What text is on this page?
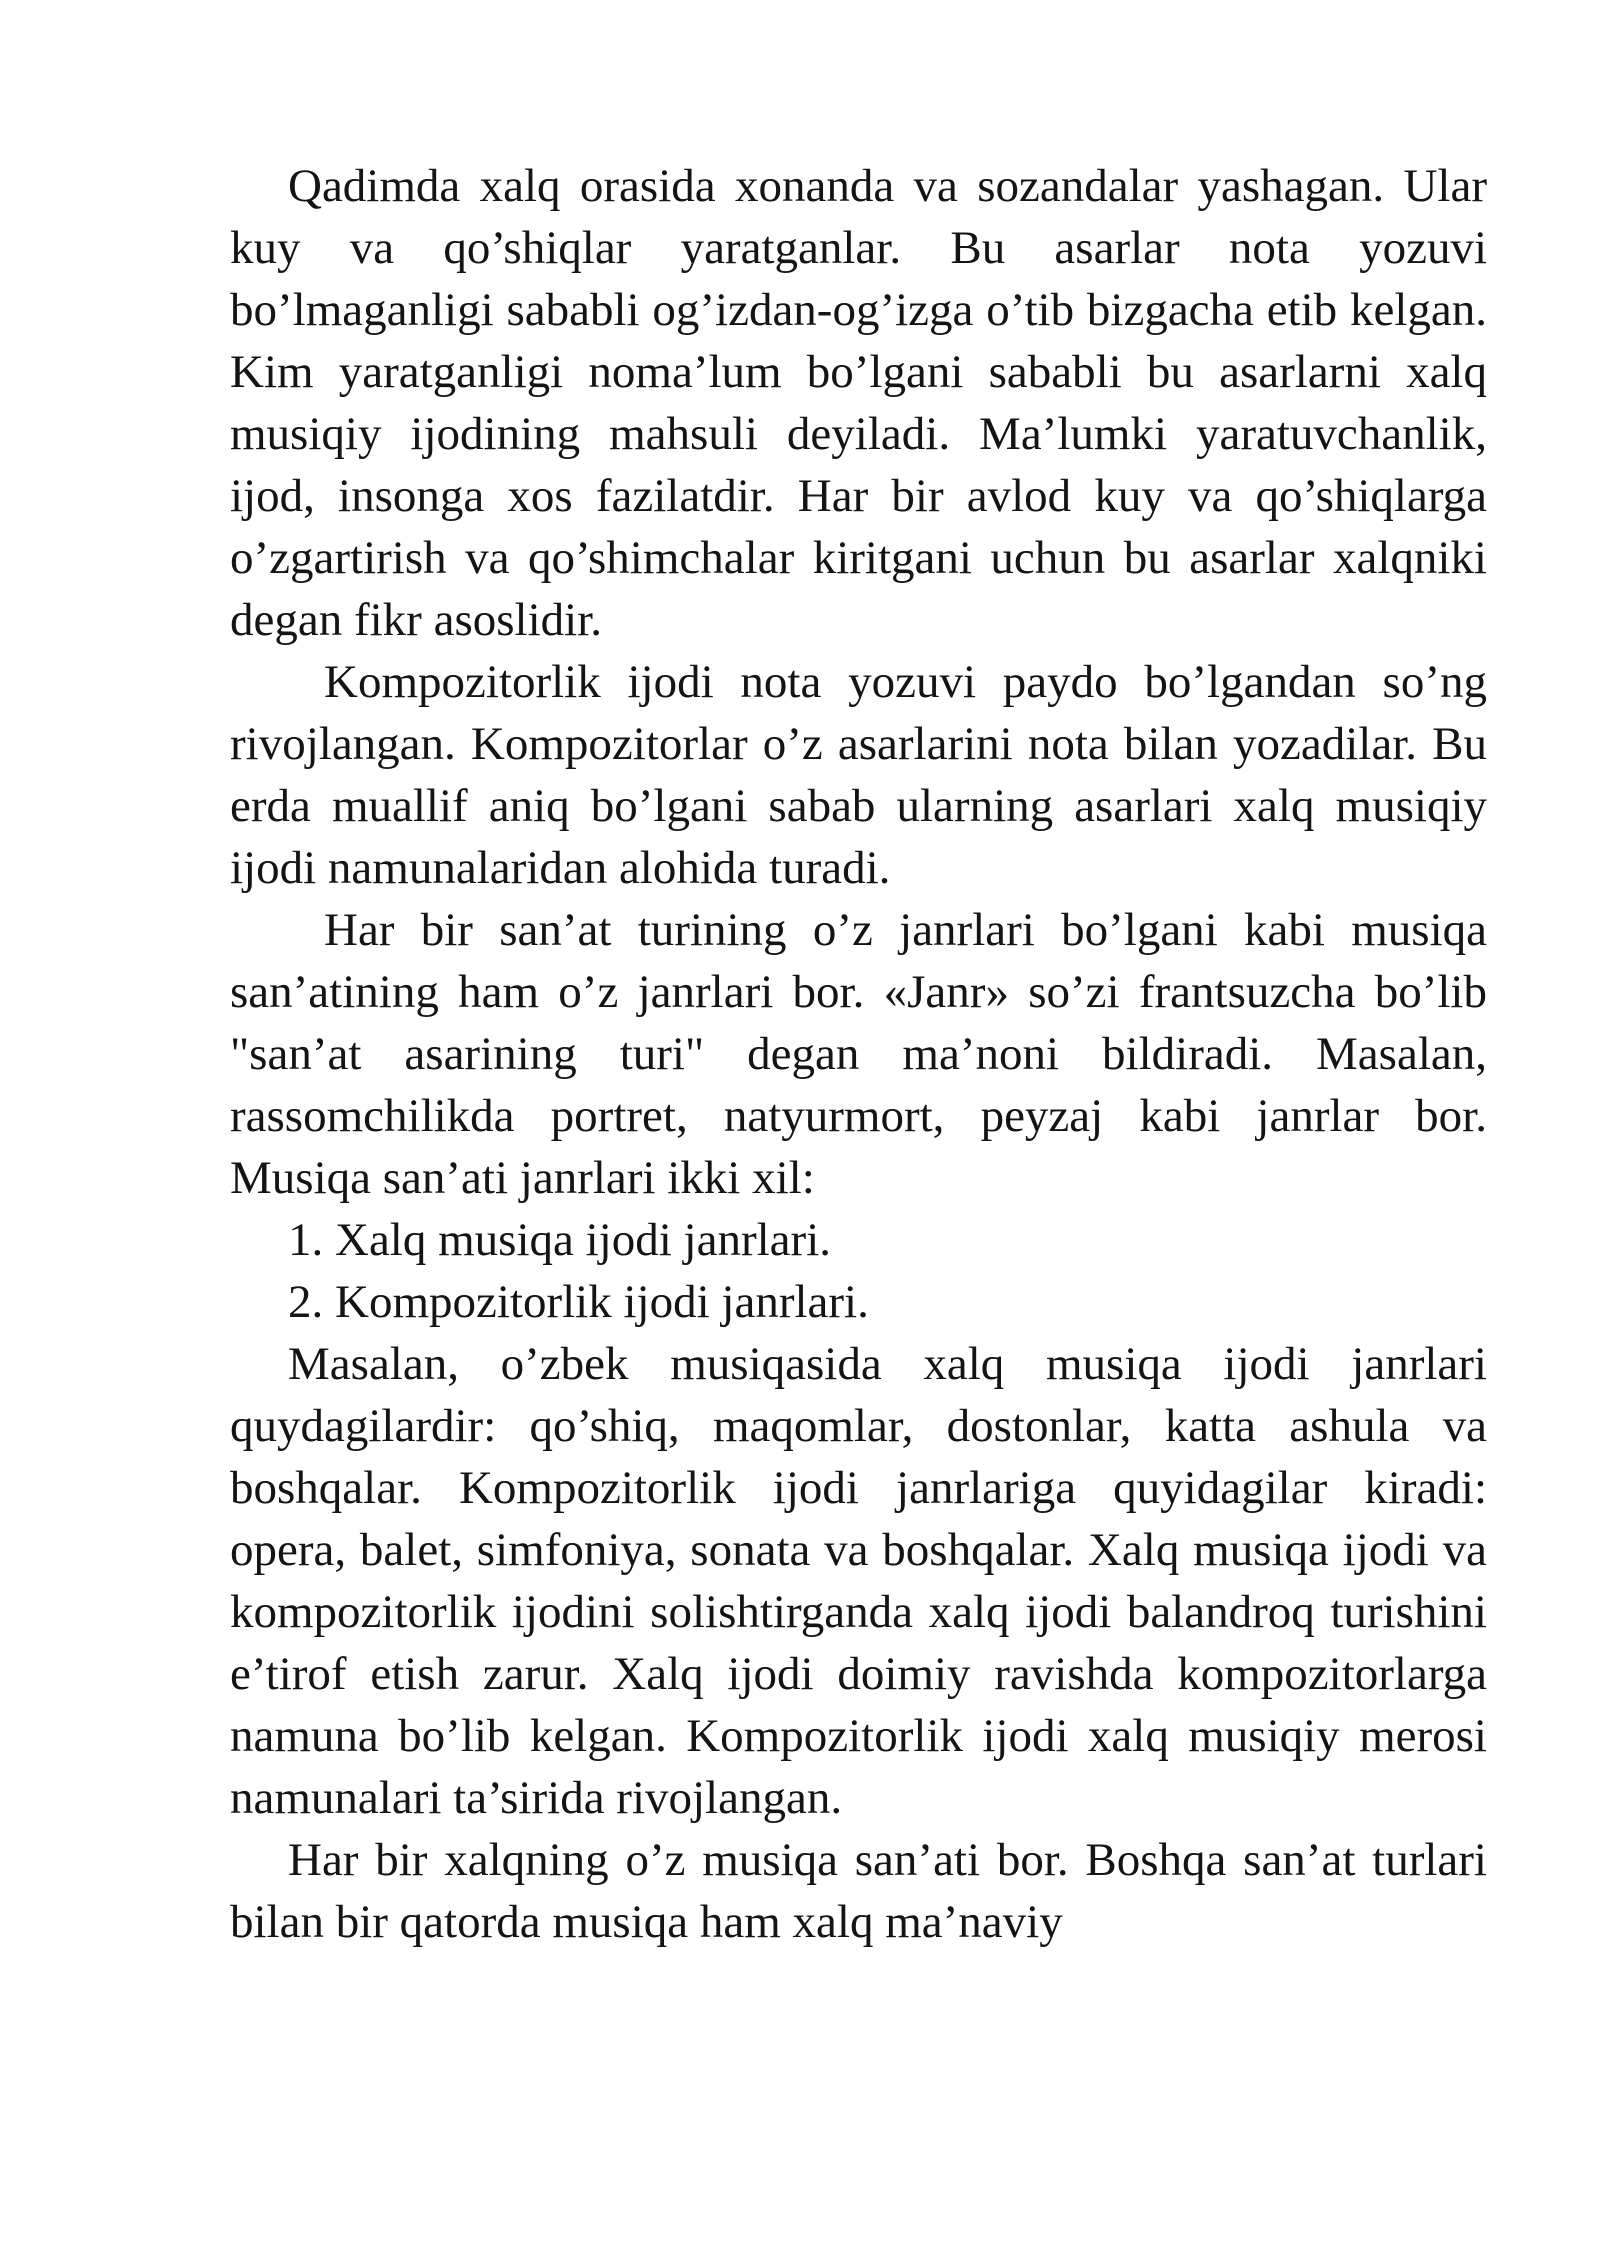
Qadimda xalq orasida xonanda va sozandalar yashagan. Ular kuy va qo’shiqlar yaratganlar. Bu asarlar nota yozuvi bo’lmaganligi sababli og’izdan-og’izga o’tib bizgacha etib kelgan. Kim yaratganligi noma’lum bo’lgani sababli bu asarlarni xalq musiqiy ijodining mahsuli deyiladi. Ma’lumki yaratuvchanlik, ijod, insonga xos fazilatdir. Har bir avlod kuy va qo’shiqlarga o’zgartirish va qo’shimchalar kiritgani uchun bu asarlar xalqniki degan fikr asoslidir.

Kompozitorlik ijodi nota yozuvi paydo bo’lgandan so’ng rivojlangan. Kompozitorlar o’z asarlarini nota bilan yozadilar. Bu erda muallif aniq bo’lgani sabab ularning asarlari xalq musiqiy ijodi namunalaridan alohida turadi.

Har bir san’at turining o’z janrlari bo’lgani kabi musiqa san’atining ham o’z janrlari bor. «Janr» so’zi frantsuzcha bo’lib "san’at asarining turi" degan ma’noni bildiradi. Masalan, rassomchilikda portret, natyurmort, peyzaj kabi janrlar bor. Musiqa san’ati janrlari ikki xil:

1. Xalq musiqa ijodi janrlari.

2. Kompozitorlik ijodi janrlari.

Masalan, o’zbek musiqasida xalq musiqa ijodi janrlari quydagilardir: qo’shiq, maqomlar, dostonlar, katta ashula va boshqalar. Kompozitorlik ijodi janrlariga quyidagilar kiradi: opera, balet, simfoniya, sonata va boshqalar. Xalq musiqa ijodi va kompozitorlik ijodini solishtirganda xalq ijodi balandroq turishini e’tirof etish zarur. Xalq ijodi doimiy ravishda kompozitorlarga namuna bo’lib kelgan. Kompozitorlik ijodi xalq musiqiy merosi namunalari ta’sirida rivojlangan.

Har bir xalqning o’z musiqa san’ati bor. Boshqa san’at turlari bilan bir qatorda musiqa ham xalq ma’naviy
